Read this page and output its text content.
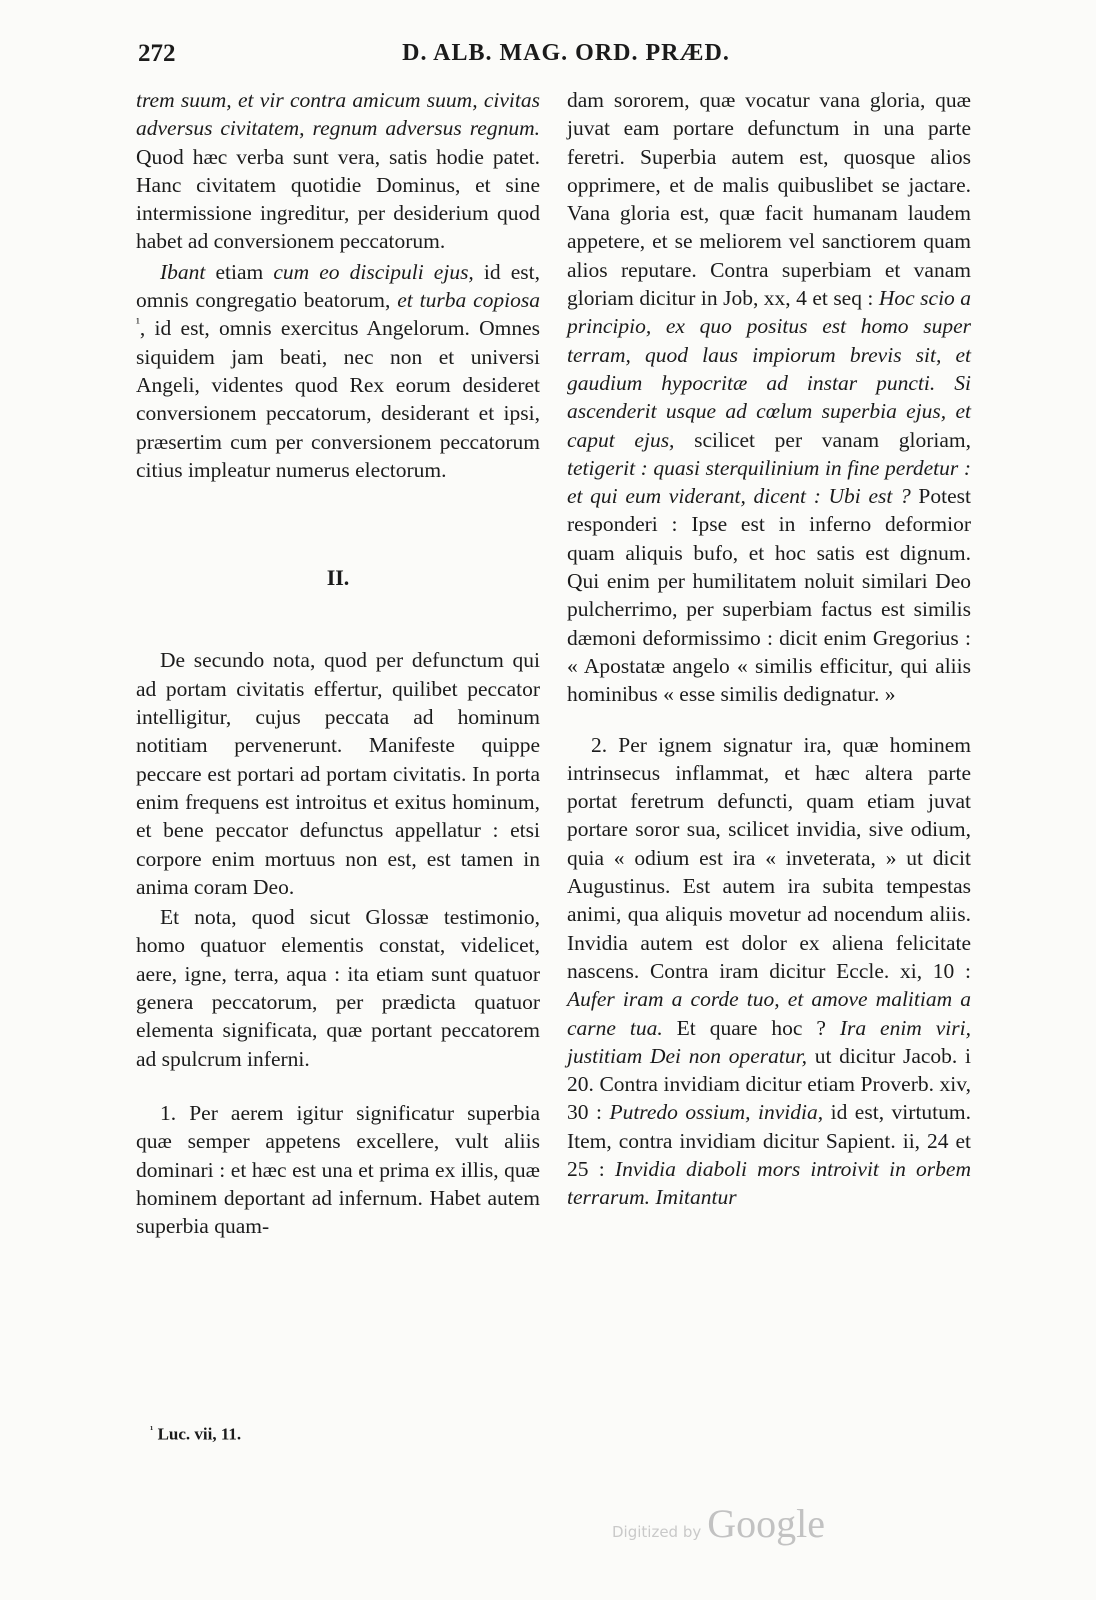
272	D. ALB. MAG. ORD. PRÆD.

trem suum, et vir contra amicum suum, civitas adversus civitatem, regnum adversus regnum. Quod hæc verba sunt vera, satis hodie patet. Hanc civitatem quotidie Dominus, et sine intermissione ingreditur, per desiderium quod habet ad conversionem peccatorum.

Ibant etiam cum eo discipuli ejus, id est, omnis congregatio beatorum, et turba copiosa $^{^1}$, id est, omnis exercitus Angelorum. Omnes siquidem jam beati, nec non et universi Angeli, videntes quod Rex eorum desideret conversionem peccatorum, desiderant et ipsi, præsertim cum per conversionem peccatorum citius impleatur numerus electorum.

II.

De secundo nota, quod per defunctum qui ad portam civitatis effertur, quilibet peccator intelligitur, cujus peccata ad hominum notitiam pervenerunt. Manifeste quippe peccare est portari ad portam civitatis. In porta enim frequens est introitus et exitus hominum, et bene peccator defunctus appellatur : etsi corpore enim mortuus non est, est tamen in anima coram Deo.

Et nota, quod sicut Glossæ testimonio, homo quatuor elementis constat, videlicet, aere, igne, terra, aqua : ita etiam sunt quatuor genera peccatorum, per prædicta quatuor elementa significata, quæ portant peccatorem ad spulcrum inferni.

1. Per aerem igitur significatur superbia quæ semper appetens excellere, vult aliis dominari : et hæc est una et prima ex illis, quæ hominem deportant ad infernum. Habet autem superbia quam-

dam sororem, quæ vocatur vana gloria, quæ juvat eam portare defunctum in una parte feretri. Superbia autem est, quosque alios opprimere, et de malis quibuslibet se jactare. Vana gloria est, quæ facit humanam laudem appetere, et se meliorem vel sanctiorem quam alios reputare. Contra superbiam et vanam gloriam dicitur in Job, xx, 4 et seq : Hoc scio a principio, ex quo positus est homo super terram, quod laus impiorum brevis sit, et gaudium hypocritæ ad instar puncti. Si ascenderit usque ad cœlum superbia ejus, et caput ejus, scilicet per vanam gloriam, tetigerit : quasi sterquilinium in fine perdetur : et qui eum viderant, dicent : Ubi est ? Potest responderi : Ipse est in inferno deformior quam aliquis bufo, et hoc satis est dignum. Qui enim per humilitatem noluit similari Deo pulcherrimo, per superbiam factus est similis dæmoni deformissimo : dicit enim Gregorius : « Apostatæ angelo « similis efficitur, qui aliis hominibus « esse similis dedignatur. »

2. Per ignem signatur ira, quæ hominem intrinsecus inflammat, et hæc altera parte portat feretrum defuncti, quam etiam juvat portare soror sua, scilicet invidia, sive odium, quia « odium est ira « inveterata, » ut dicit Augustinus. Est autem ira subita tempestas animi, qua aliquis movetur ad nocendum aliis. Invidia autem est dolor ex aliena felicitate nascens. Contra iram dicitur Eccle. xi, 10 : Aufer iram a corde tuo, et amove malitiam a carne tua. Et quare hoc ? Ira enim viri, justitiam Dei non operatur, ut dicitur Jacob. i 20. Contra invidiam dicitur etiam Proverb. xiv, 30 : Putredo ossium, invidia, id est, virtutum. Item, contra invidiam dicitur Sapient. ii, 24 et 25 : Invidia diaboli mors introivit in orbem terrarum. Imitantur

$^{^1}$ Luc. vii, 11.
Digitized by Google
